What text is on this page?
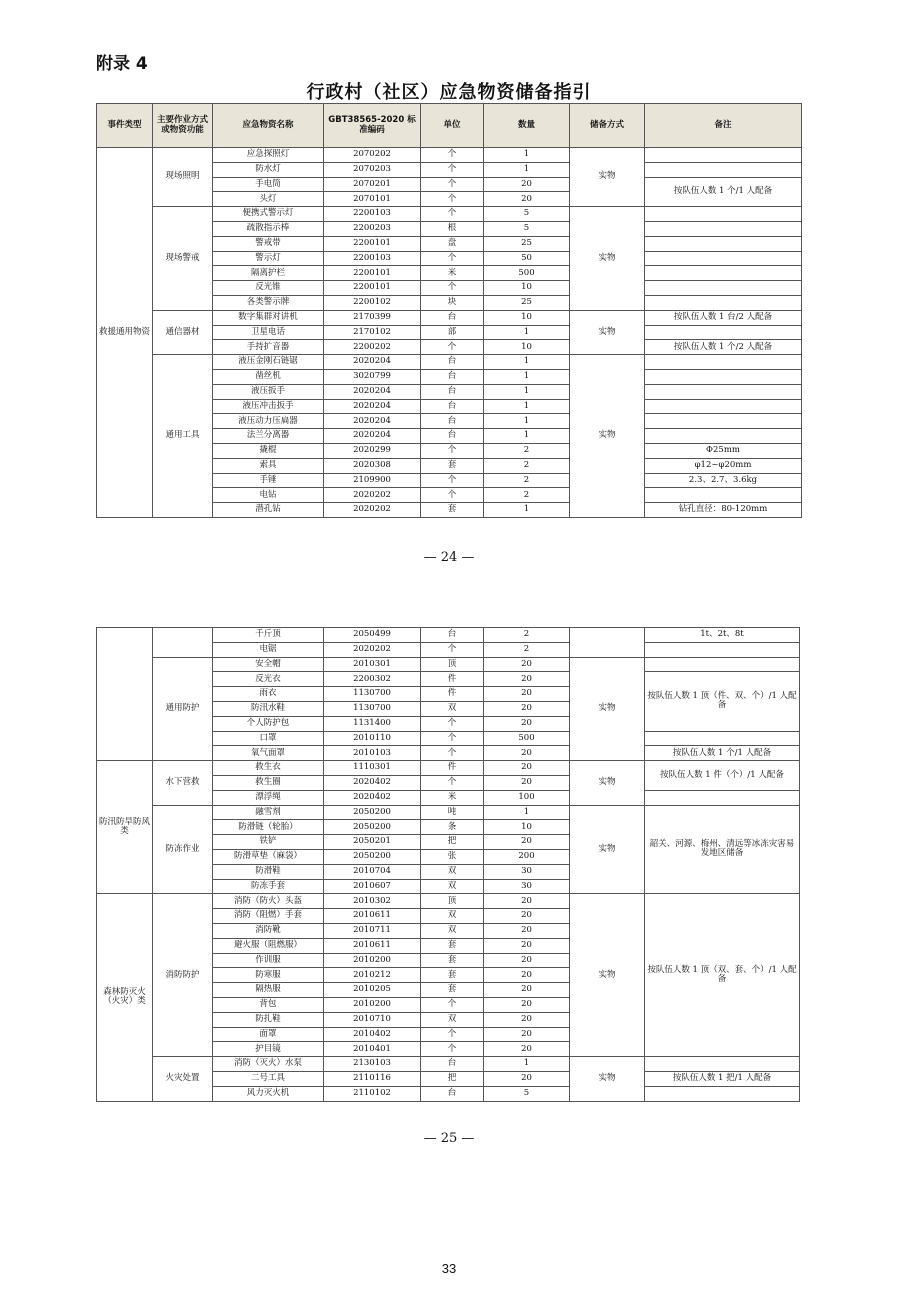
附录 4
行政村（社区）应急物资储备指引
事件类型	主要作业方式或物资功能	应急物资名称	GBT38565-2020 标准编码	单位	数量	储备方式	备注
救援通用物资	现场照明	应急探照灯	2070202	个	1	实物	
		防水灯	2070203	个	1		
		手电筒	2070201	个	20		按队伍人数 1 个/1 人配备
		头灯	2070101	个	20		
	现场警戒	便携式警示灯	2200103	个	5	实物	
		疏散指示棒	2200203	根	5		
		警戒带	2200101	盘	25		
		警示灯	2200103	个	50		
		隔离护栏	2200101	米	500		
		反光锥	2200101	个	10		
		各类警示牌	2200102	块	25		
	通信器材	数字集群对讲机	2170399	台	10	实物	按队伍人数 1 台/2 人配备
		卫星电话	2170102	部	1		
		手持扩音器	2200202	个	10		按队伍人数 1 个/2 人配备
	通用工具	液压金刚石链锯	2020204	台	1	实物	
		凿丝机	3020799	台	1		
		液压扳手	2020204	台	1		
		液压冲击扳手	2020204	台	1		
		液压动力压扁器	2020204	台	1		
		法兰分离器	2020204	台	1		
		撬棍	2020299	个	2		Φ25mm
		索具	2020308	套	2		φ12~φ20mm
		手锤	2109900	个	2		2.3、2.7、3.6kg
		电钻	2020202	个	2		
		潜孔钻	2020202	套	1		钻孔直径：80-120mm
— 24 —
		千斤顶	2050499	台	2		1t、2t、8t
		电锯	2020202	个	2		
	通用防护	安全帽	2010301	顶	20	实物	
		反光衣	2200302	件	20		按队伍人数 1 顶（件、双、个）/1 人配备
		雨衣	1130700	件	20		
		防汛水鞋	1130700	双	20		
		个人防护包	1131400	个	20		
		口罩	2010110	个	500		
		氧气面罩	2010103	个	20		按队伍人数 1 个/1 人配备
防汛防旱防风类	水下营救	救生衣	1110301	件	20	实物	按队伍人数 1 件（个）/1 人配备
		救生圈	2020402	个	20		
		漂浮绳	2020402	米	100		
	防冻作业	融雪剂	2050200	吨	1	实物	韶关、河源、梅州、清远等冰冻灾害易发地区储备
		防滑链（轮胎）	2050200	条	10		
		铁铲	2050201	把	20		
		防滑草垫（麻袋）	2050200	张	200		
		防滑鞋	2010704	双	30		
		防冻手套	2010607	双	30		
森林防灭火（火灾）类	消防防护	消防（防火）头盔	2010302	顶	20	实物	按队伍人数 1 顶（双、套、个）/1 人配备
		消防（阻燃）手套	2010611	双	20		
		消防靴	2010711	双	20		
		避火服（阻燃服）	2010611	套	20		
		作训服	2010200	套	20		
		防寒服	2010212	套	20		
		隔热服	2010205	套	20		
		背包	2010200	个	20		
		防扎鞋	2010710	双	20		
		面罩	2010402	个	20		
		护目镜	2010401	个	20		
	火灾处置	消防（灭火）水泵	2130103	台	1	实物	
		二号工具	2110116	把	20		按队伍人数 1 把/1 人配备
		风力灭火机	2110102	台	5		
— 25 —
33
